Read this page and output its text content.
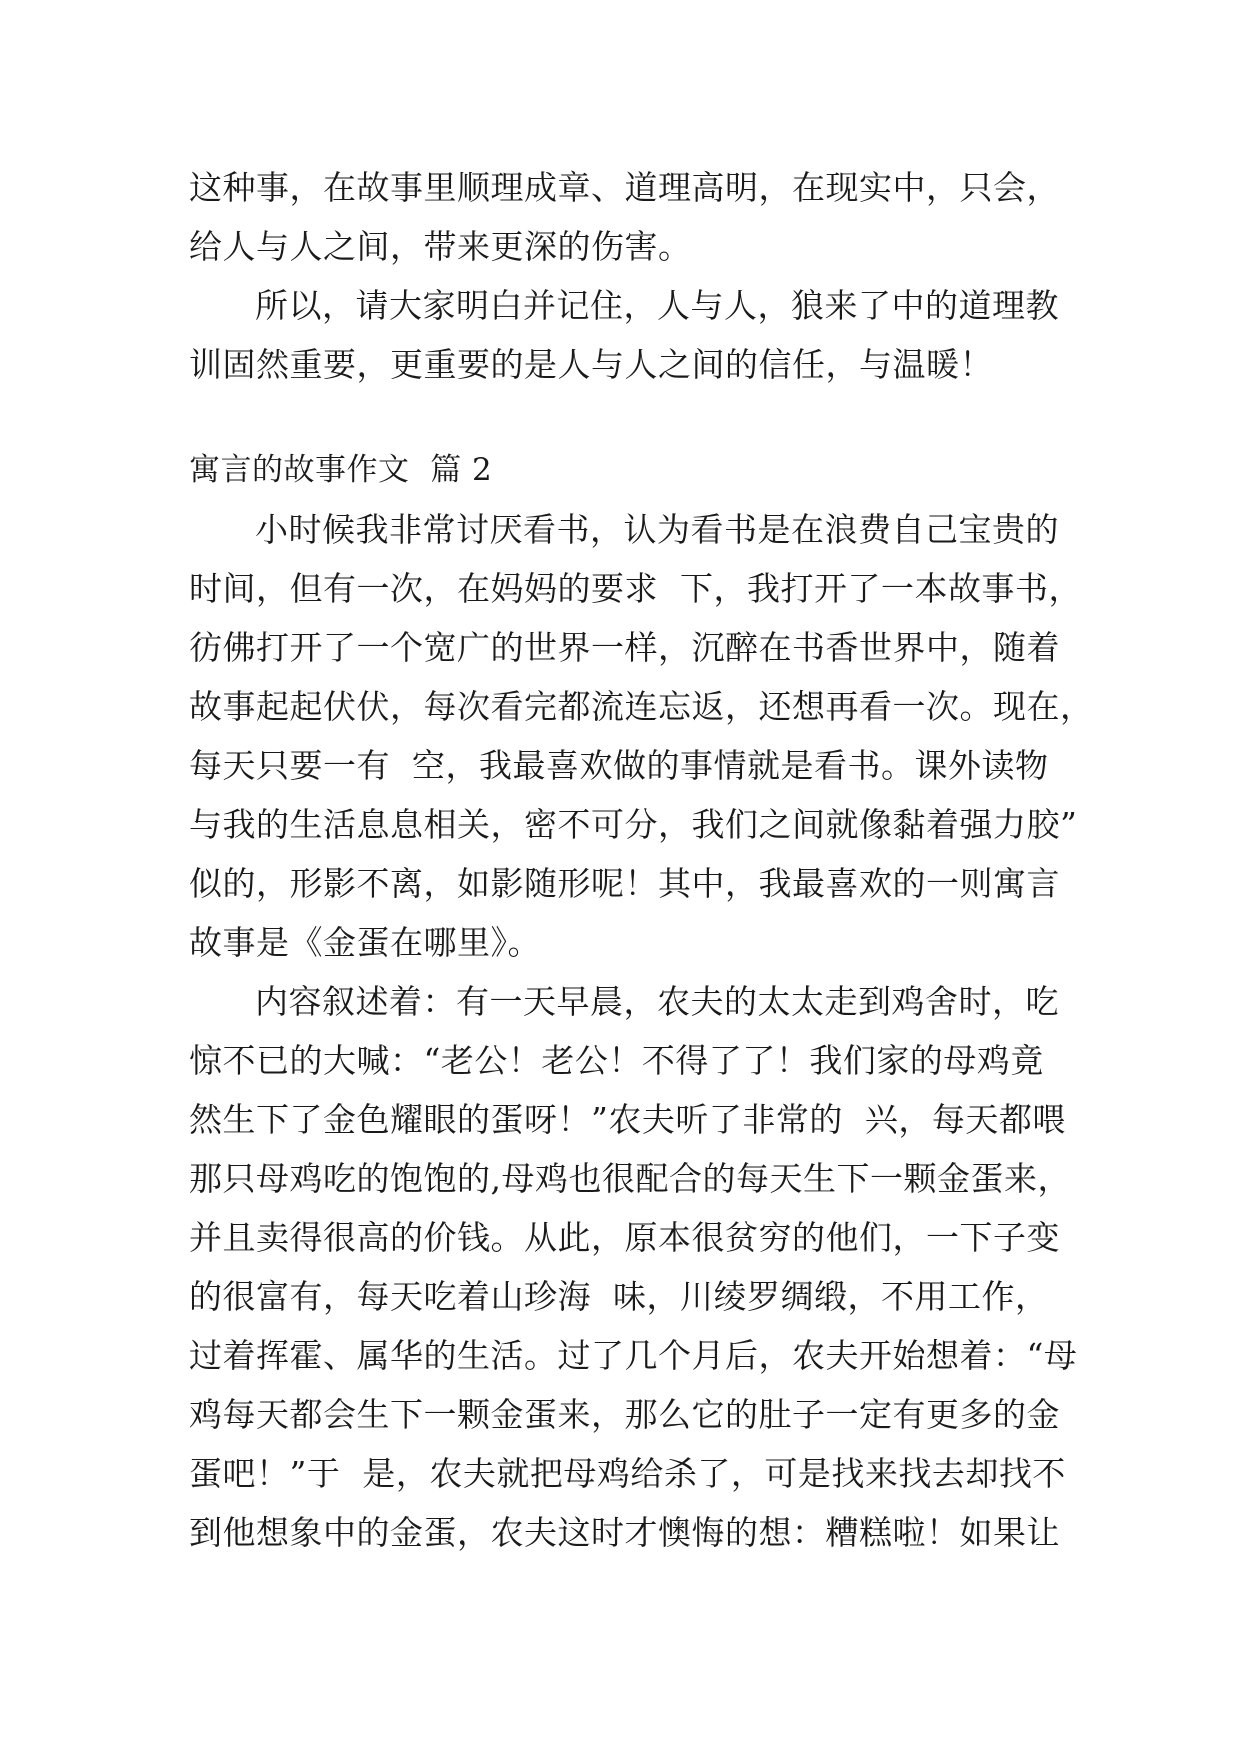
这种事，在故事里顺理成章、道理高明，在现实中，只会，
给人与人之间，带来更深的伤害。
所以，请大家明白并记住，人与人，狼来了中的道理教
训固然重要，更重要的是人与人之间的信任，与温暖！
寓言的故事作文  篇 2
小时候我非常讨厌看书，认为看书是在浪费自己宝贵的
时间，但有一次，在妈妈的要求  下，我打开了一本故事书，
彷佛打开了一个宽广的世界一样，沉醉在书香世界中，随着
故事起起伏伏，每次看完都流连忘返，还想再看一次。现在，
每天只要一有  空，我最喜欢做的事情就是看书。课外读物
与我的生活息息相关，密不可分，我们之间就像黏着强力胶”
似的，形影不离，如影随形呢！其中，我最喜欢的一则寓言
故事是《金蛋在哪里》。
内容叙述着：有一天早晨，农夫的太太走到鸡舍时，吃
惊不已的大喊：“老公！老公！不得了了！我们家的母鸡竟
然生下了金色耀眼的蛋呀！”农夫听了非常的  兴，每天都喂
那只母鸡吃的饱饱的,母鸡也很配合的每天生下一颗金蛋来，
并且卖得很高的价钱。从此，原本很贫穷的他们，一下子变
的很富有，每天吃着山珍海  味，川绫罗绸缎，不用工作，
过着挥霍、属华的生活。过了几个月后，农夫开始想着：“母
鸡每天都会生下一颗金蛋来，那么它的肚子一定有更多的金
蛋吧！”于  是，农夫就把母鸡给杀了，可是找来找去却找不
到他想象中的金蛋，农夫这时才懊悔的想：糟糕啦！如果让
